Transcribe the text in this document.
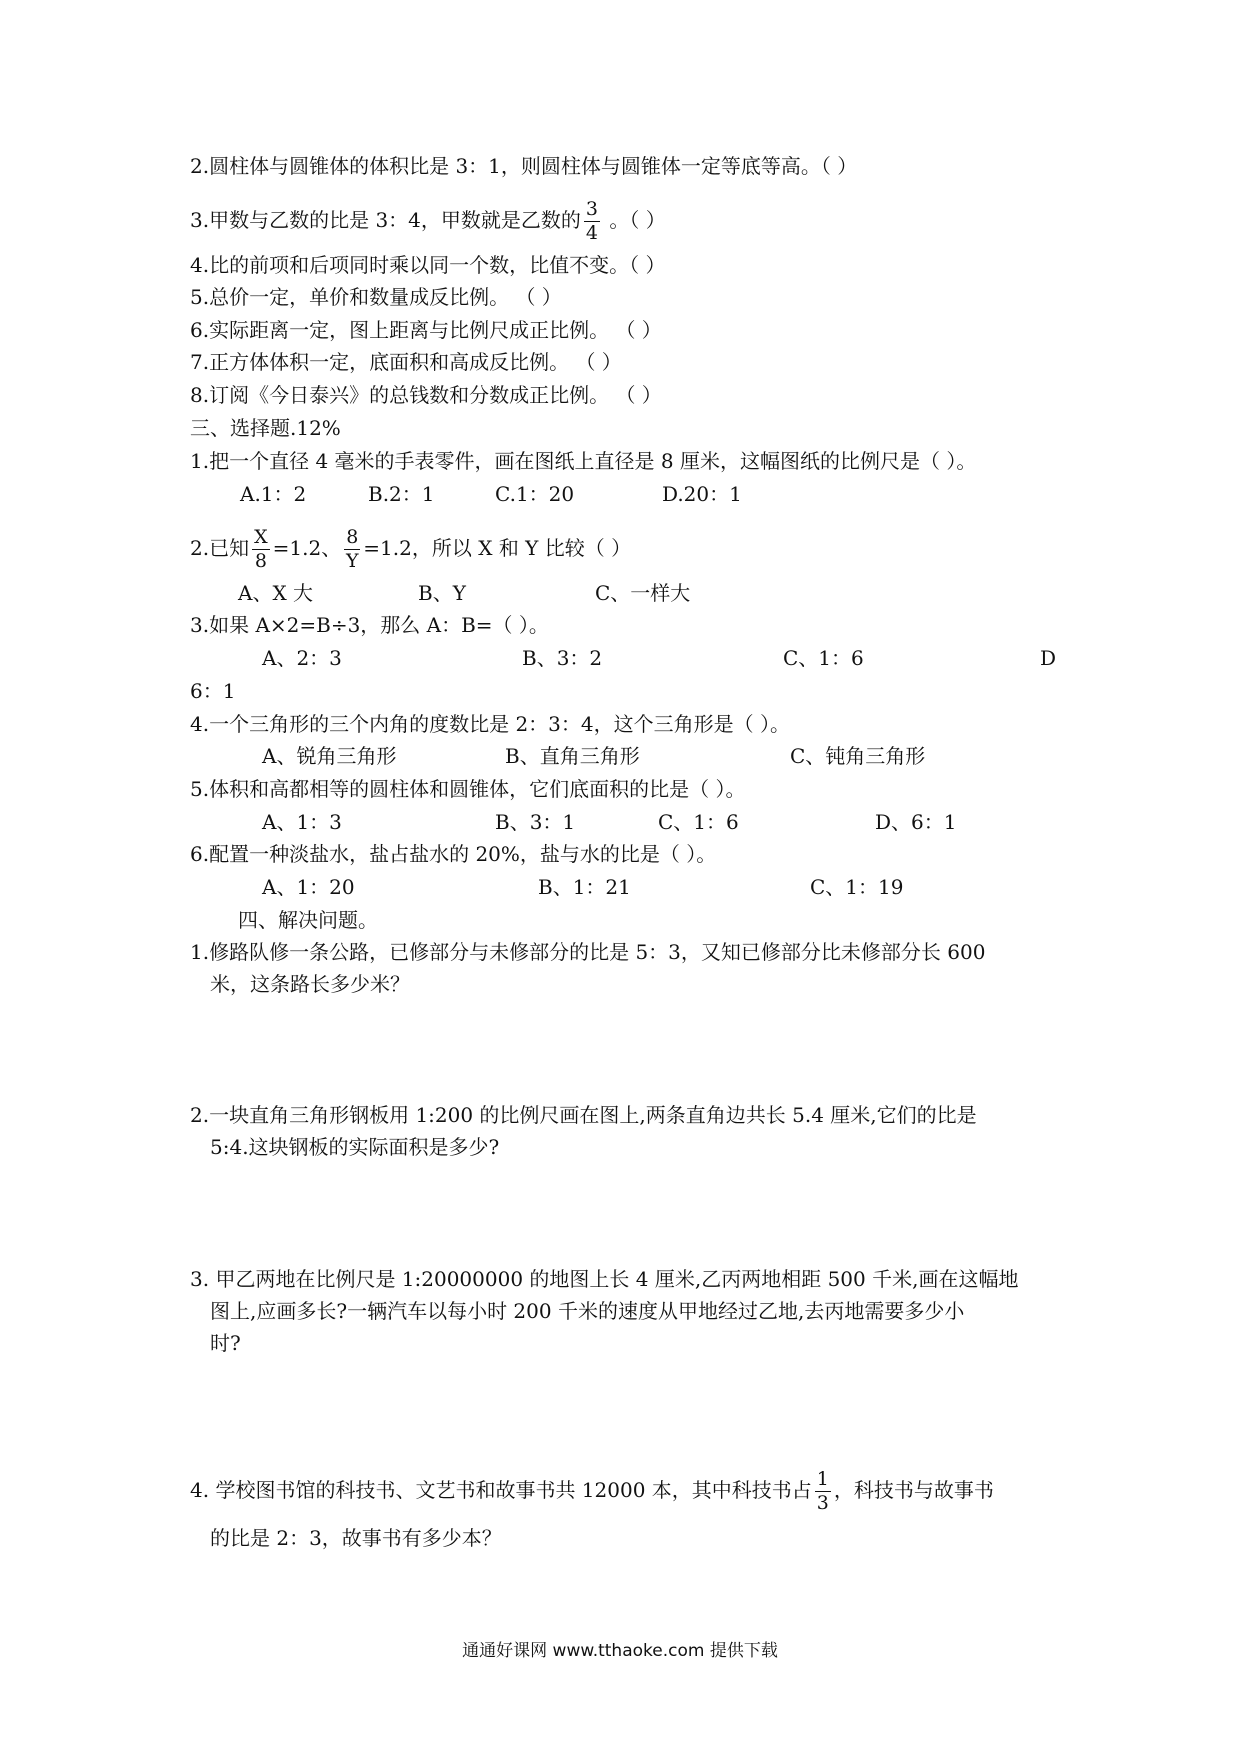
2.圆柱体与圆锥体的体积比是 3：1，则圆柱体与圆锥体一定等底等高。（ ）
3.甲数与乙数的比是 3：4，甲数就是乙数的 $\frac{3}{4}$ 。（ ）
4.比的前项和后项同时乘以同一个数，比值不变。（ ）
5.总价一定，单价和数量成反比例。 （ ）
6.实际距离一定，图上距离与比例尺成正比例。 （ ）
7.正方体体积一定，底面积和高成反比例。 （ ）
8.订阅《今日泰兴》的总钱数和分数成正比例。 （ ）
三、选择题.12%
1.把一个直径 4 毫米的手表零件，画在图纸上直径是 8 厘米，这幅图纸的比例尺是（ ）。
A.1：2	B.2：1	C.1：20	D.20：1
2.已知 $\frac{X}{8} =1.2$、 $\frac{8}{Y} =1.2$，所以 X 和 Y 比较（ ）
A、X 大	B、Y	C、一样大
3.如果 A×2=B÷3，那么 A：B=（ ）。
A、2：3	B、3：2	C、1：6	D
6：1
4.一个三角形的三个内角的度数比是 2：3：4，这个三角形是（ ）。
A、锐角三角形	B、直角三角形	C、钝角三角形
5.体积和高都相等的圆柱体和圆锥体，它们底面积的比是（ ）。
A、1：3	B、3：1	C、1：6	D、6：1
6.配置一种淡盐水，盐占盐水的 20%，盐与水的比是（ ）。
A、1：20	B、1：21	C、1：19
四、解决问题。
1.修路队修一条公路，已修部分与未修部分的比是 5：3，又知已修部分比未修部分长 600
米，这条路长多少米？
2.一块直角三角形钢板用 1:200 的比例尺画在图上,两条直角边共长 5.4 厘米,它们的比是
5:4.这块钢板的实际面积是多少?
3. 甲乙两地在比例尺是 1:20000000 的地图上长 4 厘米,乙丙两地相距 500 千米,画在这幅地
图上,应画多长?一辆汽车以每小时 200 千米的速度从甲地经过乙地,去丙地需要多少小
时?
4. 学校图书馆的科技书、文艺书和故事书共 12000 本，其中科技书占 $\frac{1}{3}$ ，科技书与故事书
的比是 2：3，故事书有多少本？
通通好课网 www.tthaoke.com 提供下载
